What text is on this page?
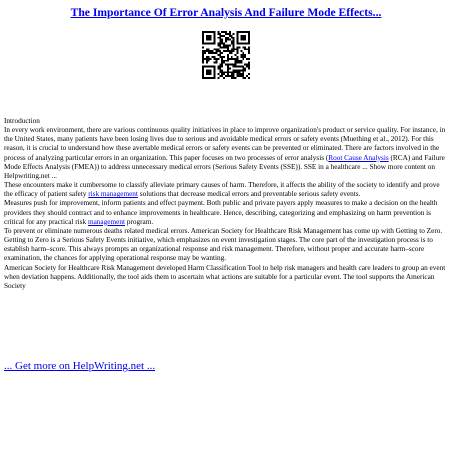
The Importance Of Error Analysis And Failure Mode Effects...
Introduction
In every work environment, there are various continuous quality initiatives in place to improve organization's product or service quality. For instance, in the United States, many patients have been losing lives due to serious and avoidable medical errors or safety events (Muething et al., 2012). For this reason, it is crucial to understand how these avertable medical errors or safety events can be prevented or eliminated. There are factors involved in the process of analyzing particular errors in an organization. This paper focuses on two processes of error analysis (Root Cause Analysis (RCA) and Failure Mode Effects Analysis (FMEA)) to address unnecessary medical errors (Serious Safety Events (SSE)). SSE in a healthcare ... Show more content on Helpwriting.net ...
These encounters make it cumbersome to classify alleviate primary causes of harm. Therefore, it affects the ability of the society to identify and prove the efficacy of patient safety risk management solutions that decrease medical errors and preventable serious safety events.
Measures push for improvement, inform patients and effect payment. Both public and private payers apply measures to make a decision on the health providers they should contract and to enhance improvements in healthcare. Hence, describing, categorizing and emphasizing on harm prevention is critical for any practical risk management program.
To prevent or eliminate numerous deaths related medical errors. American Society for Healthcare Risk Management has come up with Getting to Zero. Getting to Zero is a Serious Safety Events initiative, which emphasizes on event investigation stages. The core part of the investigation process is to establish harm–score. This always prompts an organizational response and risk management. Therefore, without proper and accurate harm–score examination, the chances for applying operational response may be wanting.
American Society for Healthcare Risk Management developed Harm Classification Tool to help risk managers and health care leaders to group an event when deviation happens. Additionally, the tool aids them to ascertain what actions are suitable for a particular event. The tool supports the American Society
... Get more on HelpWriting.net ...
